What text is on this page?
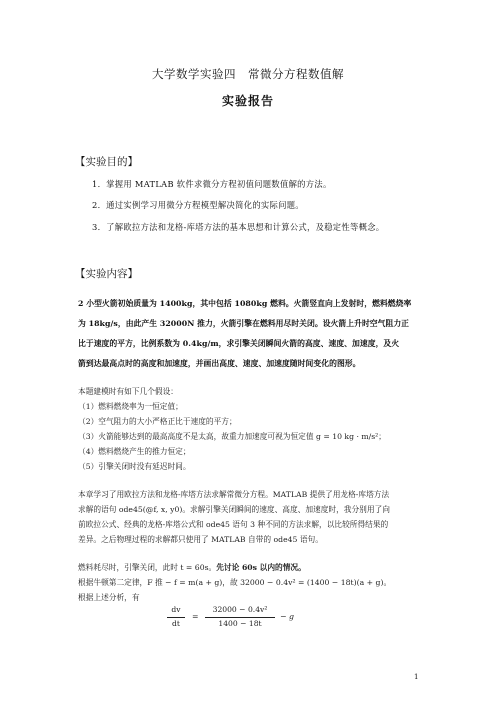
大学数学实验四　常微分方程数值解
实验报告
【实验目的】
1．掌握用 MATLAB 软件求微分方程初值问题数值解的方法。
2．通过实例学习用微分方程模型解决简化的实际问题。
3．了解欧拉方法和龙格-库塔方法的基本思想和计算公式，及稳定性等概念。
【实验内容】
2 小型火箭初始质量为 1400kg，其中包括 1080kg 燃料。火箭竖直向上发射时，燃料燃烧率
为 18kg/s，由此产生 32000N 推力，火箭引擎在燃料用尽时关闭。设火箭上升时空气阻力正
比于速度的平方，比例系数为 0.4kg/m，求引擎关闭瞬间火箭的高度、速度、加速度，及火
箭到达最高点时的高度和加速度，并画出高度、速度、加速度随时间变化的图形。
本题建模时有如下几个假设：
（1）燃料燃烧率为一恒定值；
（2）空气阻力的大小严格正比于速度的平方；
（3）火箭能够达到的最高高度不是太高，故重力加速度可视为恒定值 g = 10 kg · m/s²；
（4）燃料燃烧产生的推力恒定；
（5）引擎关闭时没有延迟时间。
本章学习了用欧拉方法和龙格-库塔方法求解常微分方程。MATLAB 提供了用龙格-库塔方法
求解的语句 ode45(@f, x, y0)。求解引擎关闭瞬间的速度、高度、加速度时，我分别用了向
前欧拉公式、经典的龙格-库塔公式和 ode45 语句 3 种不同的方法求解，以比较所得结果的
差异。之后物理过程的求解都只使用了 MATLAB 自带的 ode45 语句。
燃料耗尽时，引擎关闭，此时 t = 60s。先讨论 60s 以内的情况。
根据牛顿第二定律，F 推 − f = m(a + g)，故 32000 − 0.4v² = (1400 − 18t)(a + g)。
根据上述分析，有
dv
dt
=
32000 − 0.4v²
1400 − 18t
− g
1
